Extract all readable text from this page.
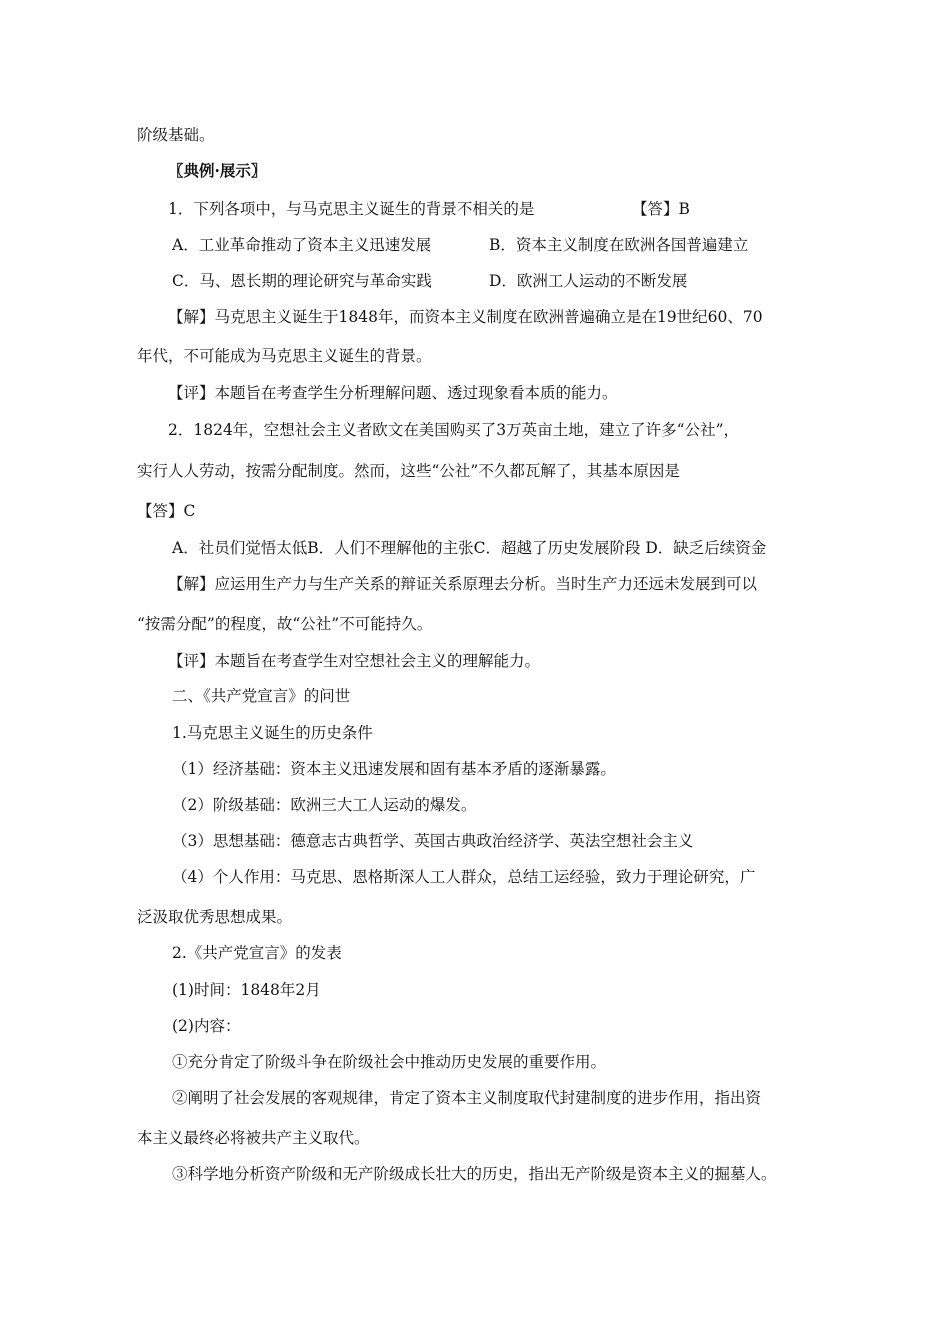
阶级基础。

〖典例·展示〗

1．下列各项中，与马克思主义诞生的背景不相关的是	【答】B

A．工业革命推动了资本主义迅速发展	B．资本主义制度在欧洲各国普遍建立

C．马、恩长期的理论研究与革命实践	D．欧洲工人运动的不断发展

【解】马克思主义诞生于1848年，而资本主义制度在欧洲普遍确立是在19世纪60、70

年代，不可能成为马克思主义诞生的背景。

【评】本题旨在考查学生分析理解问题、透过现象看本质的能力。

2．1824年，空想社会主义者欧文在美国购买了3万英亩土地，建立了许多“公社”，

实行人人劳动，按需分配制度。然而，这些“公社”不久都瓦解了，其基本原因是

【答】C

A．社员们觉悟太低B．人们不理解他的主张C．超越了历史发展阶段 D．缺乏后续资金

【解】应运用生产力与生产关系的辩证关系原理去分析。当时生产力还远未发展到可以

“按需分配”的程度，故“公社”不可能持久。

【评】本题旨在考查学生对空想社会主义的理解能力。

二、《共产党宣言》的问世

1.马克思主义诞生的历史条件

（1）经济基础：资本主义迅速发展和固有基本矛盾的逐渐暴露。

（2）阶级基础：欧洲三大工人运动的爆发。

（3）思想基础：德意志古典哲学、英国古典政治经济学、英法空想社会主义

（4）个人作用：马克思、恩格斯深人工人群众，总结工运经验，致力于理论研究，广

泛汲取优秀思想成果。

2.《共产党宣言》的发表

(1)时间：1848年2月

(2)内容：

①充分肯定了阶级斗争在阶级社会中推动历史发展的重要作用。

②阐明了社会发展的客观规律，肯定了资本主义制度取代封建制度的进步作用，指出资

本主义最终必将被共产主义取代。

③科学地分析资产阶级和无产阶级成长壮大的历史，指出无产阶级是资本主义的掘墓人。
